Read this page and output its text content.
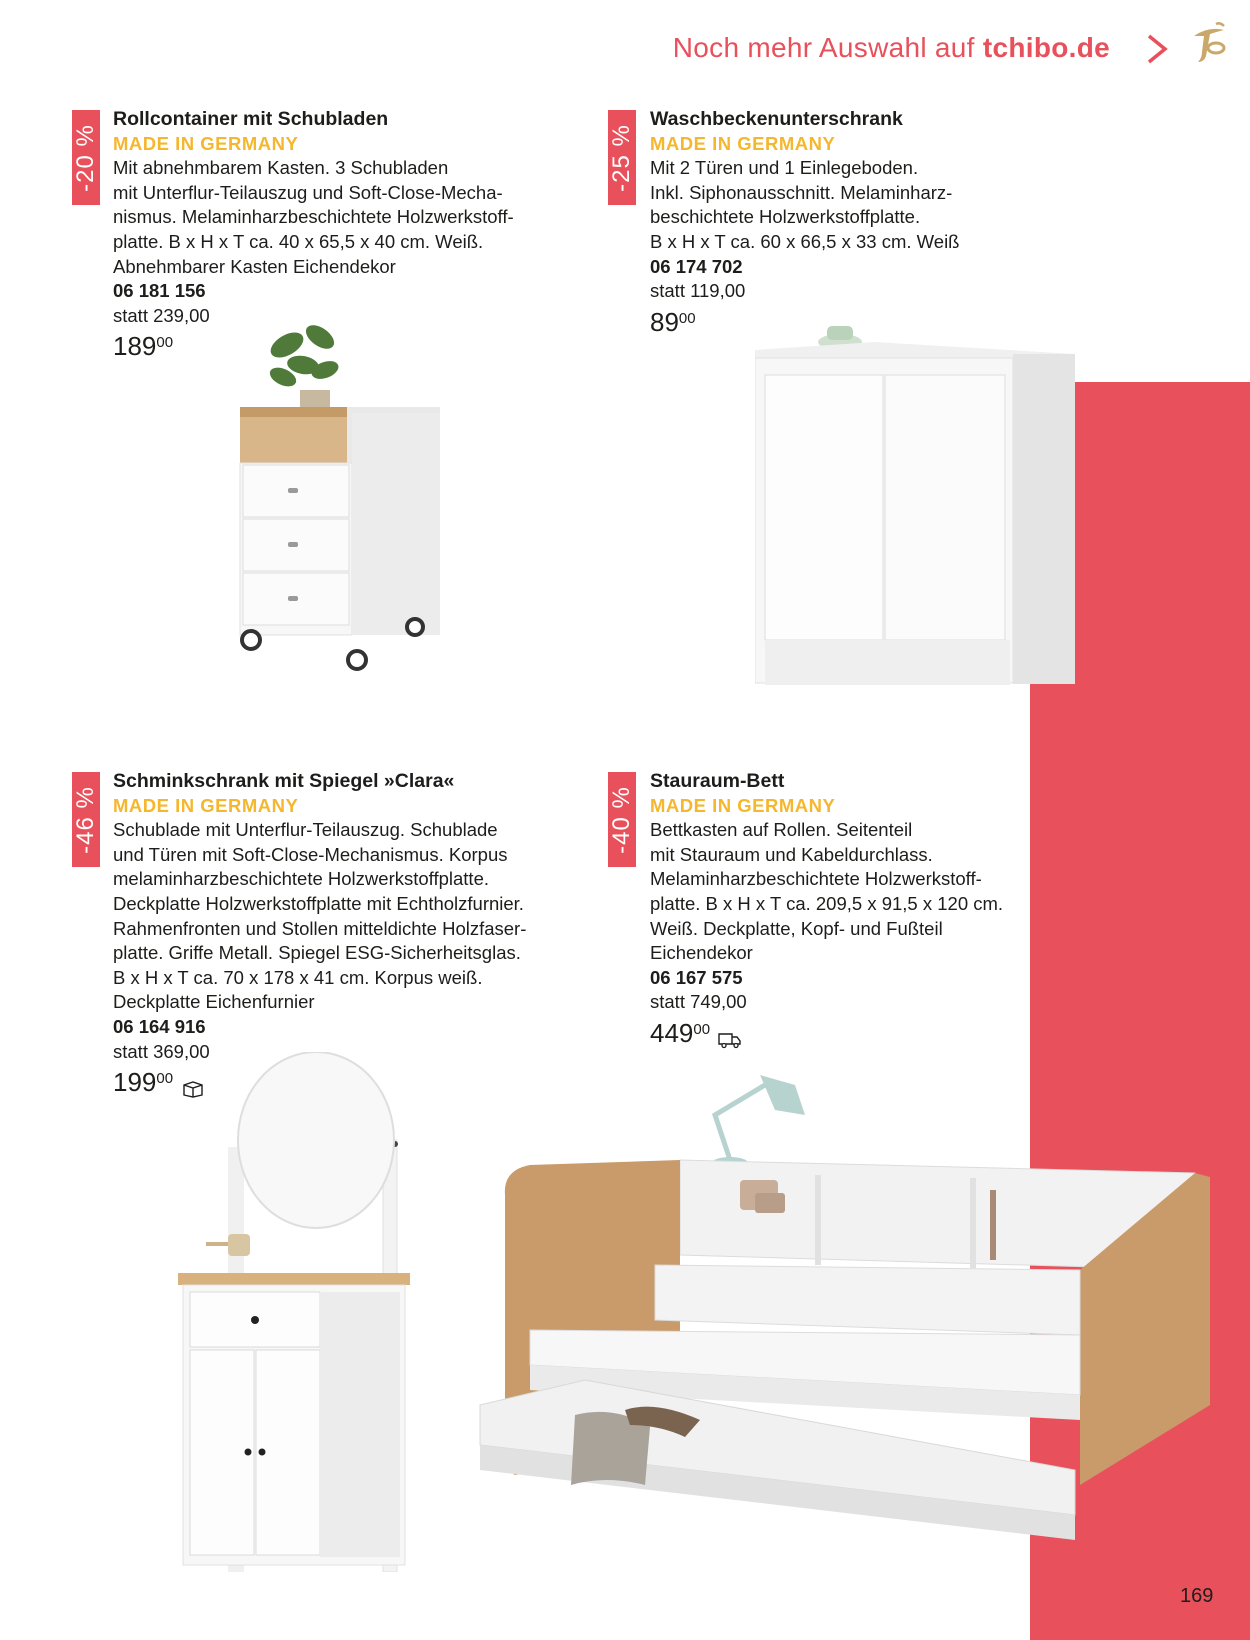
Noch mehr Auswahl auf tchibo.de
-20 %
Rollcontainer mit Schubladen
MADE IN GERMANY
Mit abnehmbarem Kasten. 3 Schubladen
mit Unterflur-Teilauszug und Soft-Close-Mecha-
nismus. Melaminharzbeschichtete Holzwerkstoff-
platte. B x H x T ca. 40 x 65,5 x 40 cm. Weiß.
Abnehmbarer Kasten Eichendekor
06 181 156
statt 239,00
189 00
-25 %
Waschbeckenunterschrank
MADE IN GERMANY
Mit 2 Türen und 1 Einlegeboden.
Inkl. Siphonausschnitt. Melaminharz-
beschichtete Holzwerkstoffplatte.
B x H x T ca. 60 x 66,5 x 33 cm. Weiß
06 174 702
statt 119,00
89 00
-46 %
Schminkschrank mit Spiegel »Clara«
MADE IN GERMANY
Schublade mit Unterflur-Teilauszug. Schublade
und Türen mit Soft-Close-Mechanismus. Korpus
melaminharzbeschichtete Holzwerkstoffplatte.
Deckplatte Holzwerkstoffplatte mit Echtholzfurnier.
Rahmenfronten und Stollen mitteldichte Holzfaser-
platte. Griffe Metall. Spiegel ESG-Sicherheitsglas.
B x H x T ca. 70 x 178 x 41 cm. Korpus weiß.
Deckplatte Eichenfurnier
06 164 916
statt 369,00
199 00
-40 %
Stauraum-Bett
MADE IN GERMANY
Bettkasten auf Rollen. Seitenteil
mit Stauraum und Kabeldurchlass.
Melaminharzbeschichtete Holzwerkstoff-
platte. B x H x T ca. 209,5 x 91,5 x 120 cm.
Weiß. Deckplatte, Kopf- und Fußteil
Eichendekor
06 167 575
statt 749,00
449 00
169
